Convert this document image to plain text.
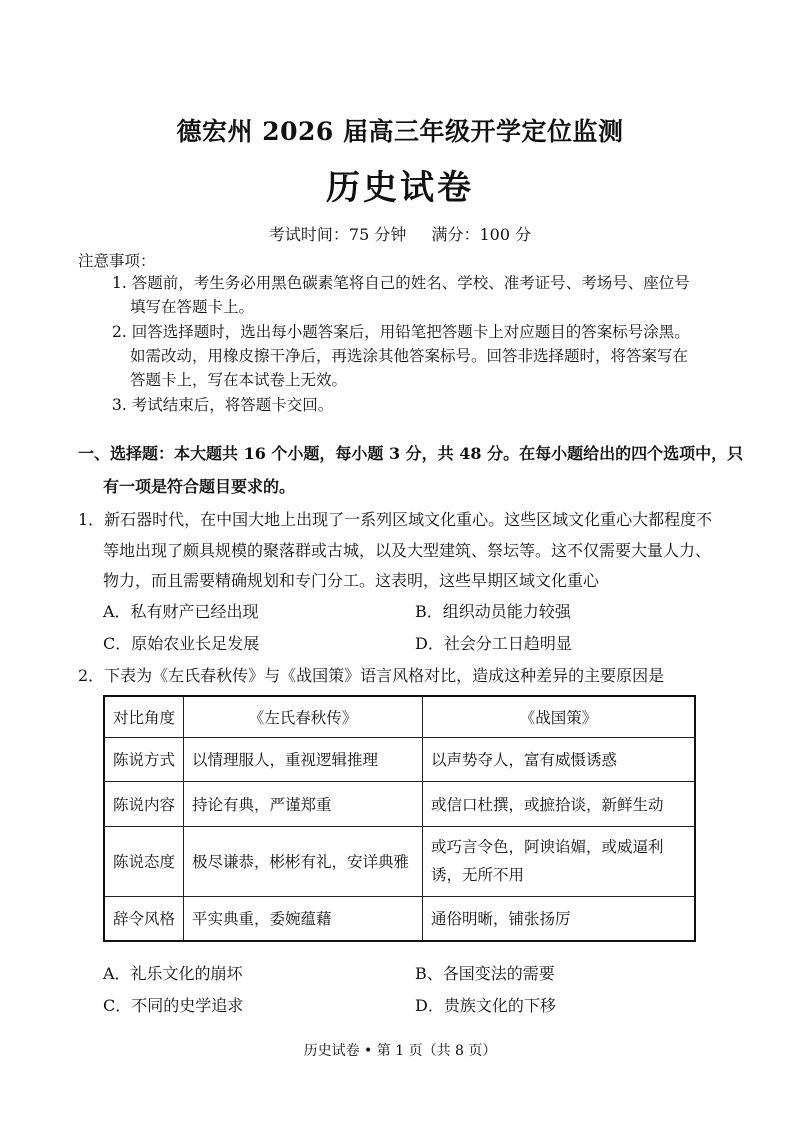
德宏州 2026 届高三年级开学定位监测
历史试卷
考试时间：75 分钟 满分：100 分
注意事项：
1. 答题前，考生务必用黑色碳素笔将自己的姓名、学校、准考证号、考场号、座位号
填写在答题卡上。
2. 回答选择题时，选出每小题答案后，用铅笔把答题卡上对应题目的答案标号涂黑。
如需改动，用橡皮擦干净后，再选涂其他答案标号。回答非选择题时，将答案写在
答题卡上，写在本试卷上无效。
3. 考试结束后，将答题卡交回。
一、选择题：本大题共 16 个小题，每小题 3 分，共 48 分。在每小题给出的四个选项中，只
有一项是符合题目要求的。
1．新石器时代，在中国大地上出现了一系列区域文化重心。这些区域文化重心大都程度不
等地出现了颇具规模的聚落群或古城，以及大型建筑、祭坛等。这不仅需要大量人力、
物力，而且需要精确规划和专门分工。这表明，这些早期区域文化重心
A．私有财产已经出现	B．组织动员能力较强
C．原始农业长足发展	D．社会分工日趋明显
2．下表为《左氏春秋传》与《战国策》语言风格对比，造成这种差异的主要原因是
对比角度	《左氏春秋传》	《战国策》
陈说方式	以情理服人，重视逻辑推理	以声势夺人，富有威慑诱惑
陈说内容	持论有典，严谨郑重	或信口杜撰，或摭拾谈，新鲜生动
陈说态度	极尽谦恭，彬彬有礼，安详典雅	或巧言令色，阿谀谄媚，或威逼利诱，无所不用
辞令风格	平实典重，委婉蕴藉	通俗明晰，铺张扬厉
A．礼乐文化的崩坏	B、各国变法的需要
C．不同的史学追求	D．贵族文化的下移
历史试卷 • 第 1 页（共 8 页）
